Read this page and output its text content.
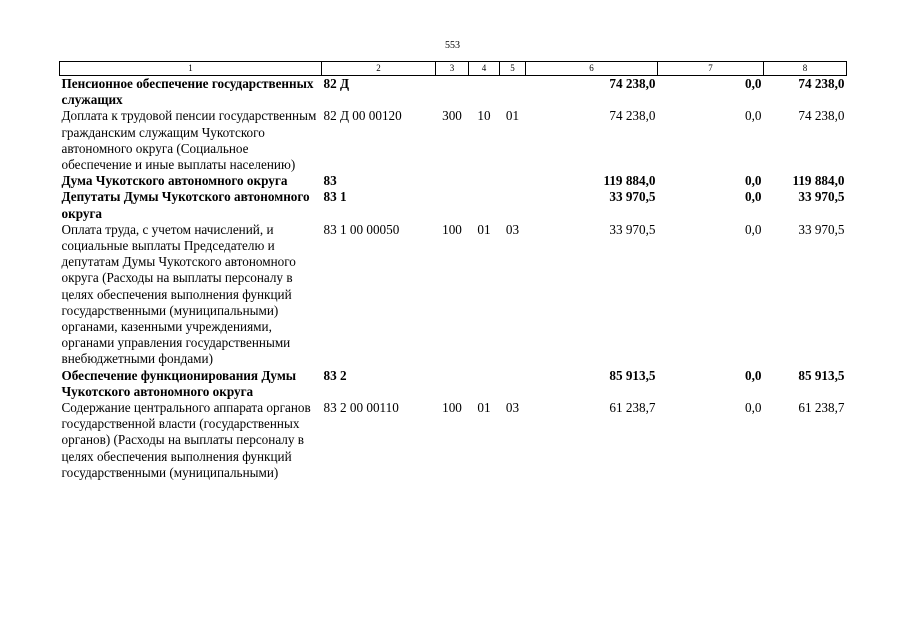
553
1	2	3	4	5	6	7	8
Пенсионное обеспечение государственных служащих	82 Д				74 238,0	0,0	74 238,0
Доплата к трудовой пенсии государственным гражданским служащим Чукотского автономного округа (Социальное обеспечение и иные выплаты населению)	82 Д 00 00120	300	10	01	74 238,0	0,0	74 238,0
Дума Чукотского автономного округа	83				119 884,0	0,0	119 884,0
Депутаты Думы Чукотского автономного округа	83 1				33 970,5	0,0	33 970,5
Оплата труда, с учетом начислений, и социальные выплаты Председателю и депутатам Думы Чукотского автономного округа (Расходы на выплаты персоналу в целях обеспечения выполнения функций государственными (муниципальными) органами, казенными учреждениями, органами управления государственными внебюджетными фондами)	83 1 00 00050	100	01	03	33 970,5	0,0	33 970,5
Обеспечение функционирования Думы Чукотского автономного округа	83 2				85 913,5	0,0	85 913,5
Содержание центрального аппарата органов государственной власти (государственных органов) (Расходы на выплаты персоналу в целях обеспечения выполнения функций государственными (муниципальными)	83 2 00 00110	100	01	03	61 238,7	0,0	61 238,7
